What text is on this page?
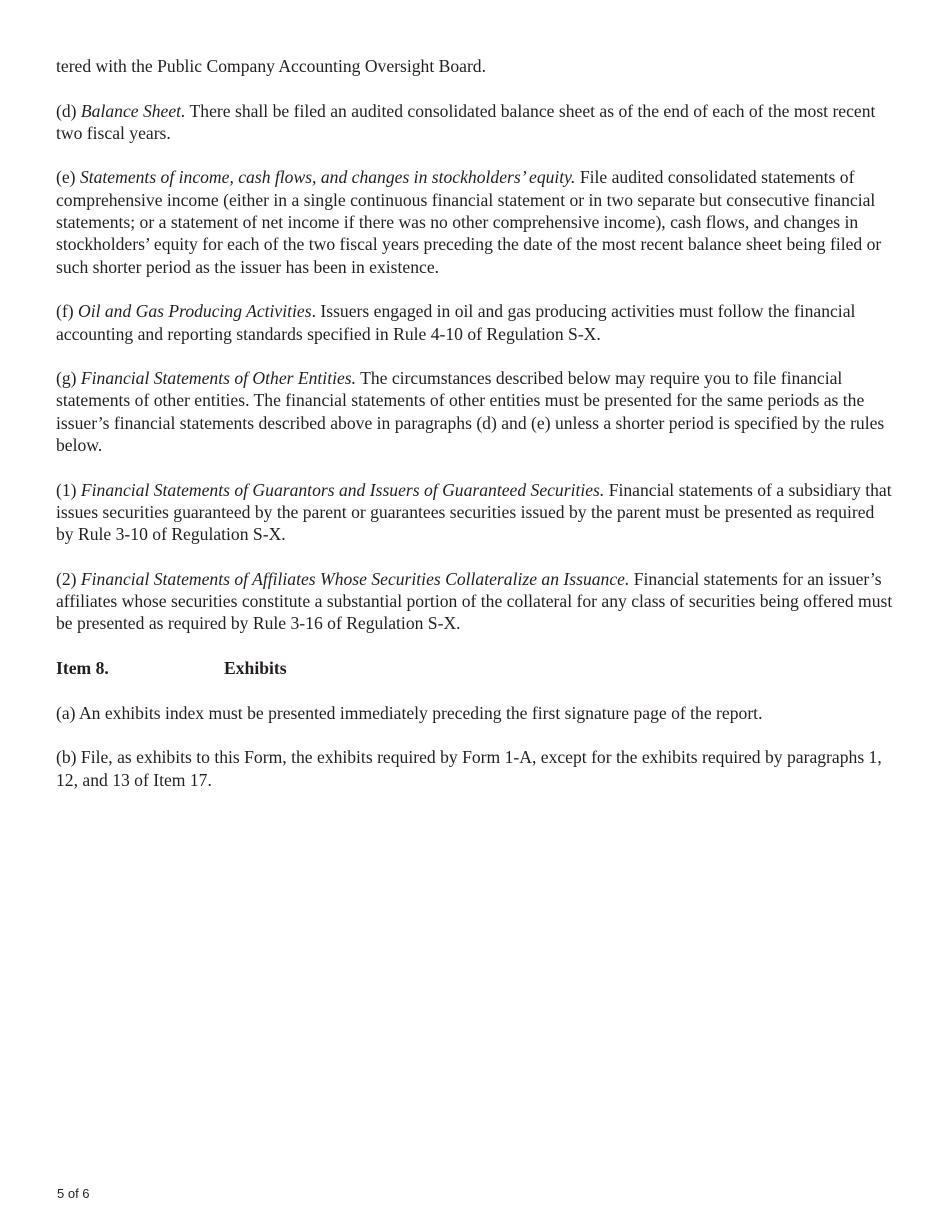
tered with the Public Company Accounting Oversight Board.

(d) Balance Sheet. There shall be filed an audited consolidated balance sheet as of the end of each of the most recent two fiscal years.

(e) Statements of income, cash flows, and changes in stockholders’ equity. File audited consolidated statements of comprehensive income (either in a single continuous financial statement or in two separate but consecutive financial statements; or a statement of net income if there was no other comprehensive income), cash flows, and changes in stockholders’ equity for each of the two fiscal years preceding the date of the most recent balance sheet being filed or such shorter period as the issuer has been in existence.

(f) Oil and Gas Producing Activities. Issuers engaged in oil and gas producing activities must follow the financial accounting and reporting standards specified in Rule 4-10 of Regulation S-X.

(g) Financial Statements of Other Entities. The circumstances described below may require you to file financial statements of other entities. The financial statements of other entities must be presented for the same periods as the issuer’s financial statements described above in paragraphs (d) and (e) unless a shorter period is specified by the rules below.

(1) Financial Statements of Guarantors and Issuers of Guaranteed Securities. Financial statements of a subsidiary that issues securities guaranteed by the parent or guarantees securities issued by the parent must be presented as required by Rule 3-10 of Regulation S-X.

(2) Financial Statements of Affiliates Whose Securities Collateralize an Issuance. Financial statements for an issuer’s affiliates whose securities constitute a substantial portion of the collateral for any class of securities being offered must be presented as required by Rule 3-16 of Regulation S-X.

Item 8.	Exhibits

(a) An exhibits index must be presented immediately preceding the first signature page of the report.

(b) File, as exhibits to this Form, the exhibits required by Form 1-A, except for the exhibits required by paragraphs 1, 12, and 13 of Item 17.

5 of 6
